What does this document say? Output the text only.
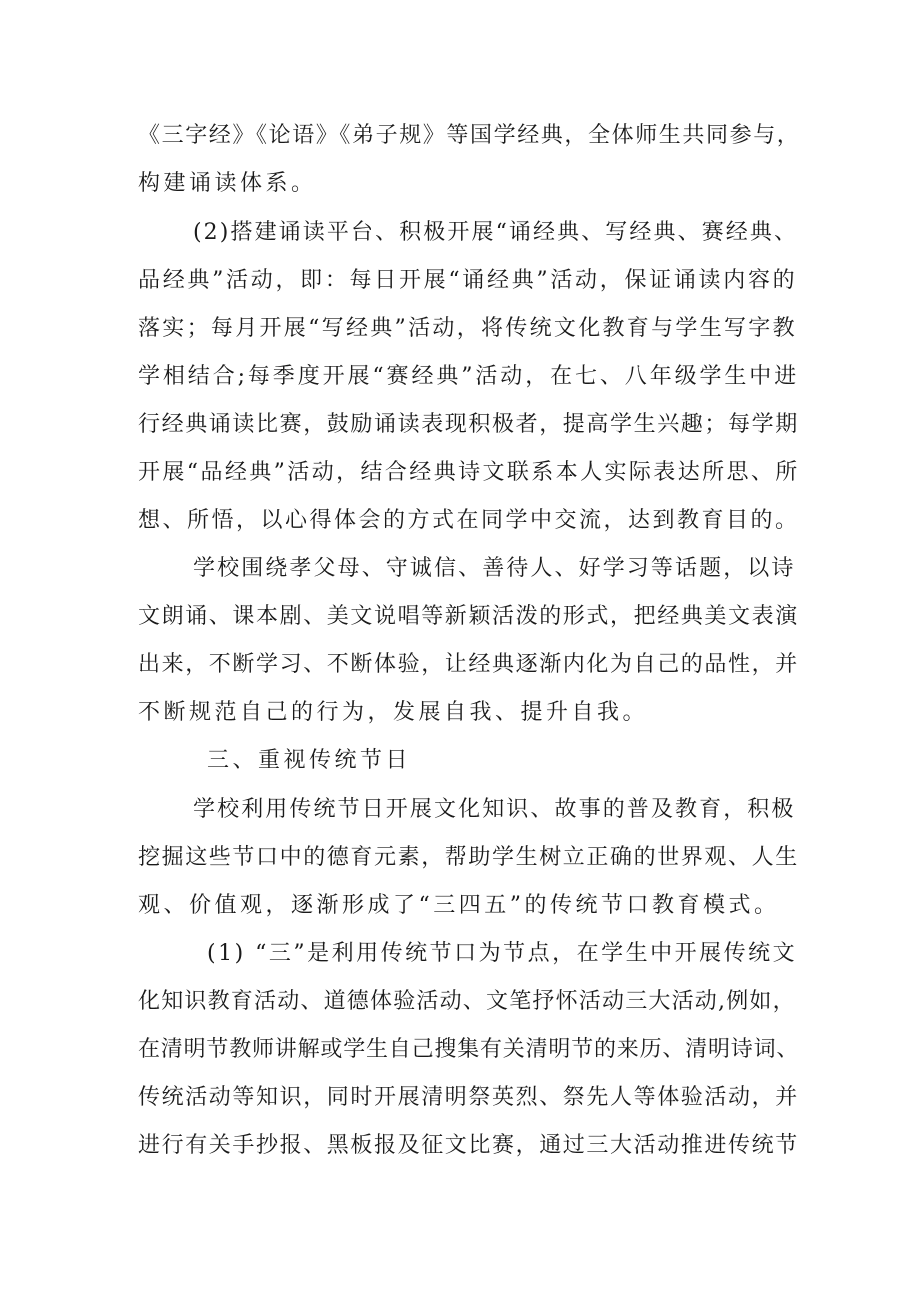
《三字经》《论语》《弟子规》等国学经典，全体师生共同参与，
构建诵读体系。
(2)搭建诵读平台、积极开展“诵经典、写经典、赛经典、
品经典”活动，即：每日开展“诵经典”活动，保证诵读内容的
落实；每月开展“写经典”活动，将传统文化教育与学生写字教
学相结合;每季度开展“赛经典”活动，在七、八年级学生中进
行经典诵读比赛，鼓励诵读表现积极者，提高学生兴趣；每学期
开展“品经典”活动，结合经典诗文联系本人实际表达所思、所
想、所悟，以心得体会的方式在同学中交流，达到教育目的。
学校围绕孝父母、守诚信、善待人、好学习等话题，以诗
文朗诵、课本剧、美文说唱等新颖活泼的形式，把经典美文表演
出来，不断学习、不断体验，让经典逐渐内化为自己的品性，并
不断规范自己的行为，发展自我、提升自我。
三、重视传统节日
学校利用传统节日开展文化知识、故事的普及教育，积极
挖掘这些节口中的德育元素，帮助学生树立正确的世界观、人生
观、价值观，逐渐形成了“三四五”的传统节口教育模式。
(1) “三”是利用传统节口为节点，在学生中开展传统文
化知识教育活动、道德体验活动、文笔抒怀活动三大活动,例如，
在清明节教师讲解或学生自己搜集有关清明节的来历、清明诗词、
传统活动等知识，同时开展清明祭英烈、祭先人等体验活动，并
进行有关手抄报、黑板报及征文比赛，通过三大活动推进传统节
